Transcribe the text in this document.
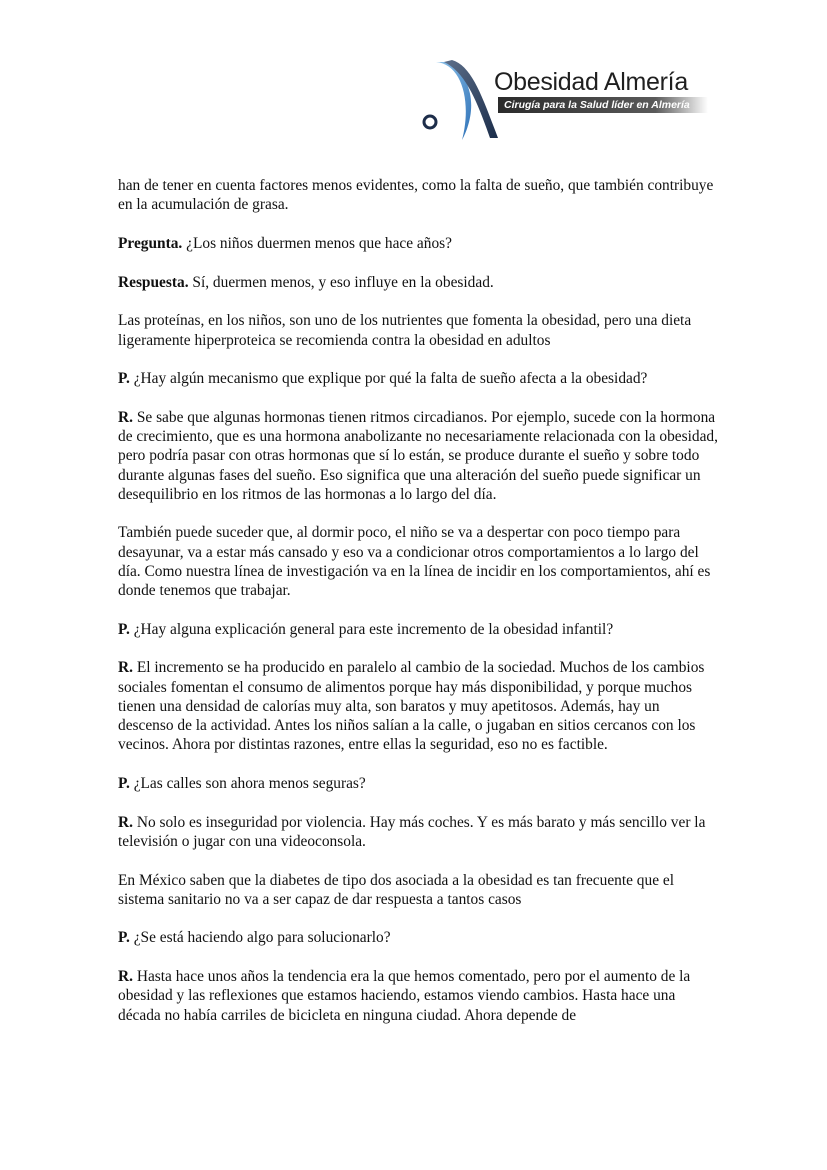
Obesidad Almería
Cirugía para la Salud líder en Almería

han de tener en cuenta factores menos evidentes, como la falta de sueño, que también contribuye en la acumulación de grasa.

Pregunta. ¿Los niños duermen menos que hace años?

Respuesta. Sí, duermen menos, y eso influye en la obesidad.

Las proteínas, en los niños, son uno de los nutrientes que fomenta la obesidad, pero una dieta ligeramente hiperproteica se recomienda contra la obesidad en adultos

P. ¿Hay algún mecanismo que explique por qué la falta de sueño afecta a la obesidad?

R. Se sabe que algunas hormonas tienen ritmos circadianos. Por ejemplo, sucede con la hormona de crecimiento, que es una hormona anabolizante no necesariamente relacionada con la obesidad, pero podría pasar con otras hormonas que sí lo están, se produce durante el sueño y sobre todo durante algunas fases del sueño. Eso significa que una alteración del sueño puede significar un desequilibrio en los ritmos de las hormonas a lo largo del día.

También puede suceder que, al dormir poco, el niño se va a despertar con poco tiempo para desayunar, va a estar más cansado y eso va a condicionar otros comportamientos a lo largo del día. Como nuestra línea de investigación va en la línea de incidir en los comportamientos, ahí es donde tenemos que trabajar.

P. ¿Hay alguna explicación general para este incremento de la obesidad infantil?

R. El incremento se ha producido en paralelo al cambio de la sociedad. Muchos de los cambios sociales fomentan el consumo de alimentos porque hay más disponibilidad, y porque muchos tienen una densidad de calorías muy alta, son baratos y muy apetitosos. Además, hay un descenso de la actividad. Antes los niños salían a la calle, o jugaban en sitios cercanos con los vecinos. Ahora por distintas razones, entre ellas la seguridad, eso no es factible.

P. ¿Las calles son ahora menos seguras?

R. No solo es inseguridad por violencia. Hay más coches. Y es más barato y más sencillo ver la televisión o jugar con una videoconsola.

En México saben que la diabetes de tipo dos asociada a la obesidad es tan frecuente que el sistema sanitario no va a ser capaz de dar respuesta a tantos casos

P. ¿Se está haciendo algo para solucionarlo?

R. Hasta hace unos años la tendencia era la que hemos comentado, pero por el aumento de la obesidad y las reflexiones que estamos haciendo, estamos viendo cambios. Hasta hace una década no había carriles de bicicleta en ninguna ciudad. Ahora depende de
